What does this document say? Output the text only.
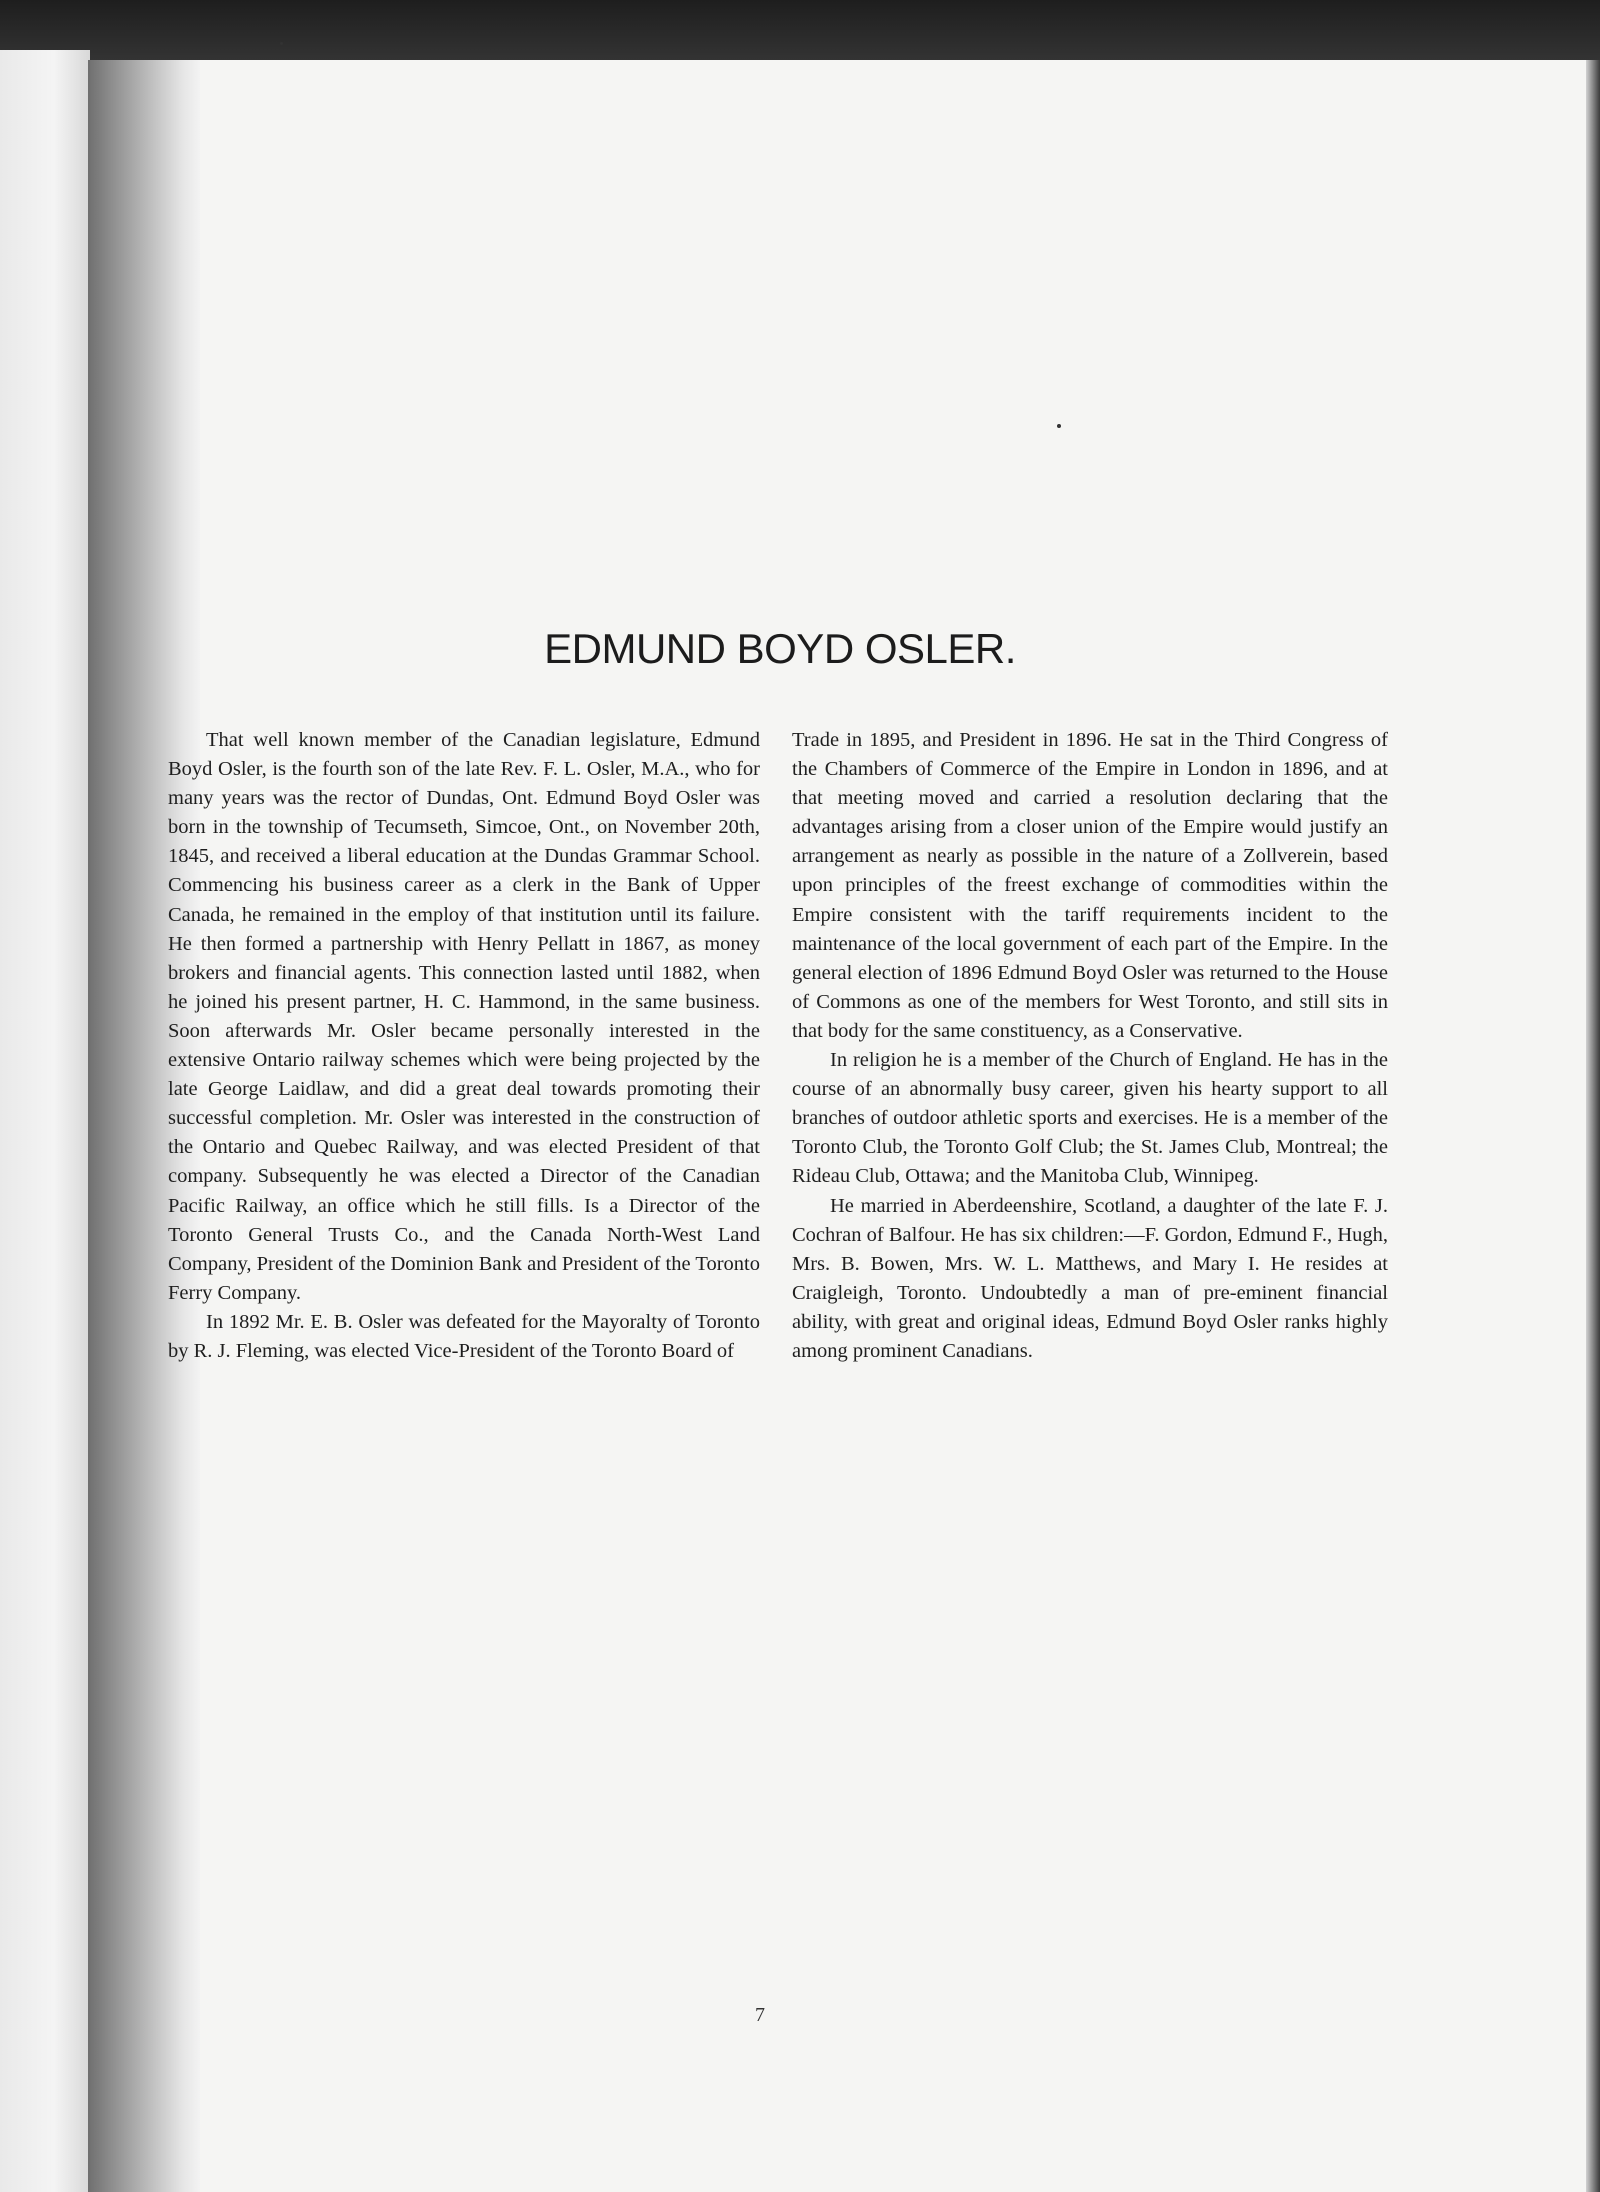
EDMUND BOYD OSLER.

That well known member of the Canadian legislature, Edmund Boyd Osler, is the fourth son of the late Rev. F. L. Osler, M.A., who for many years was the rector of Dundas, Ont. Edmund Boyd Osler was born in the township of Tecumseth, Simcoe, Ont., on November 20th, 1845, and received a liberal education at the Dundas Grammar School. Commencing his business career as a clerk in the Bank of Upper Canada, he remained in the employ of that institution until its failure. He then formed a partnership with Henry Pellatt in 1867, as money brokers and financial agents. This connection lasted until 1882, when he joined his present partner, H. C. Hammond, in the same business. Soon afterwards Mr. Osler became personally interested in the extensive Ontario railway schemes which were being projected by the late George Laidlaw, and did a great deal towards promoting their successful completion. Mr. Osler was interested in the construction of the Ontario and Quebec Railway, and was elected President of that company. Subsequently he was elected a Director of the Canadian Pacific Railway, an office which he still fills. Is a Director of the Toronto General Trusts Co., and the Canada North-West Land Company, President of the Dominion Bank and President of the Toronto Ferry Company.

In 1892 Mr. E. B. Osler was defeated for the Mayoralty of Toronto by R. J. Fleming, was elected Vice-President of the Toronto Board of

Trade in 1895, and President in 1896. He sat in the Third Congress of the Chambers of Commerce of the Empire in London in 1896, and at that meeting moved and carried a resolution declaring that the advantages arising from a closer union of the Empire would justify an arrangement as nearly as possible in the nature of a Zollverein, based upon principles of the freest exchange of commodities within the Empire consistent with the tariff requirements incident to the maintenance of the local government of each part of the Empire. In the general election of 1896 Edmund Boyd Osler was returned to the House of Commons as one of the members for West Toronto, and still sits in that body for the same constituency, as a Conservative.

In religion he is a member of the Church of England. He has in the course of an abnormally busy career, given his hearty support to all branches of outdoor athletic sports and exercises. He is a member of the Toronto Club, the Toronto Golf Club; the St. James Club, Montreal; the Rideau Club, Ottawa; and the Manitoba Club, Winnipeg.

He married in Aberdeenshire, Scotland, a daughter of the late F. J. Cochran of Balfour. He has six children:—F. Gordon, Edmund F., Hugh, Mrs. B. Bowen, Mrs. W. L. Matthews, and Mary I. He resides at Craigleigh, Toronto. Undoubtedly a man of pre-eminent financial ability, with great and original ideas, Edmund Boyd Osler ranks highly among prominent Canadians.

7
